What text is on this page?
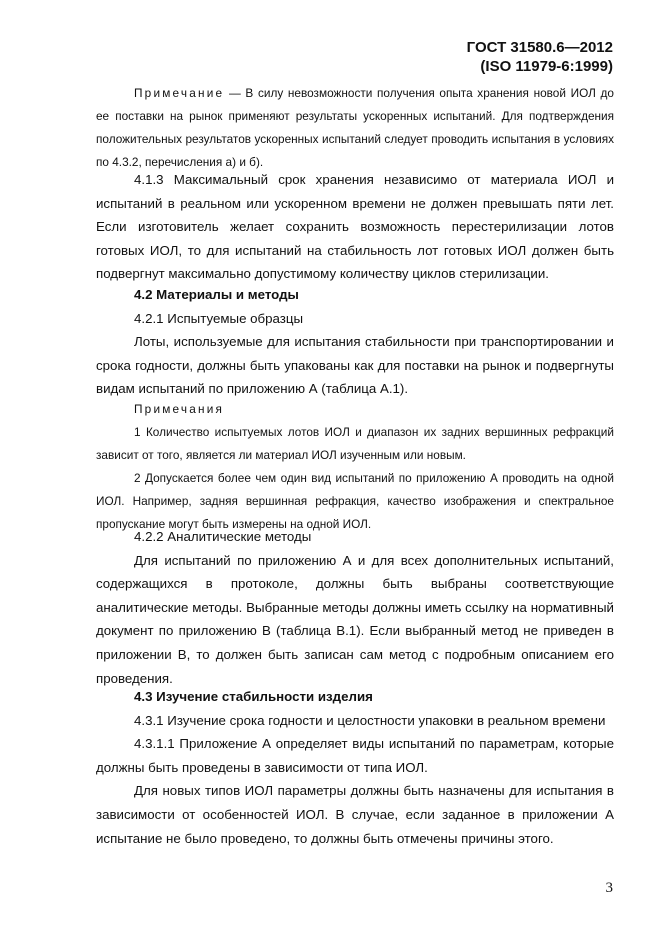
ГОСТ 31580.6—2012
(ISO 11979-6:1999)

Примечание — В силу невозможности получения опыта хранения новой ИОЛ до ее поставки на рынок применяют результаты ускоренных испытаний. Для подтверждения положительных результатов ускоренных испытаний следует проводить испытания в условиях по 4.3.2, перечисления а) и б).

4.1.3 Максимальный срок хранения независимо от материала ИОЛ и испытаний в реальном или ускоренном времени не должен превышать пяти лет. Если изготовитель желает сохранить возможность перестерилизации лотов готовых ИОЛ, то для испытаний на стабильность лот готовых ИОЛ должен быть подвергнут максимально допустимому количеству циклов стерилизации.

4.2 Материалы и методы

4.2.1 Испытуемые образцы

Лоты, используемые для испытания стабильности при транспортировании и срока годности, должны быть упакованы как для поставки на рынок и подвергнуты видам испытаний по приложению А (таблица А.1).

Примечания

1 Количество испытуемых лотов ИОЛ и диапазон их задних вершинных рефракций зависит от того, является ли материал ИОЛ изученным или новым.

2 Допускается более чем один вид испытаний по приложению А проводить на одной ИОЛ. Например, задняя вершинная рефракция, качество изображения и спектральное пропускание могут быть измерены на одной ИОЛ.

4.2.2 Аналитические методы

Для испытаний по приложению А и для всех дополнительных испытаний, содержащихся в протоколе, должны быть выбраны соответствующие аналитические методы. Выбранные методы должны иметь ссылку на нормативный документ по приложению В (таблица В.1). Если выбранный метод не приведен в приложении В, то должен быть записан сам метод с подробным описанием его проведения.

4.3 Изучение стабильности изделия

4.3.1 Изучение срока годности и целостности упаковки в реальном времени

4.3.1.1 Приложение А определяет виды испытаний по параметрам, которые должны быть проведены в зависимости от типа ИОЛ.

Для новых типов ИОЛ параметры должны быть назначены для испытания в зависимости от особенностей ИОЛ. В случае, если заданное в приложении А испытание не было проведено, то должны быть отмечены причины этого.

3
